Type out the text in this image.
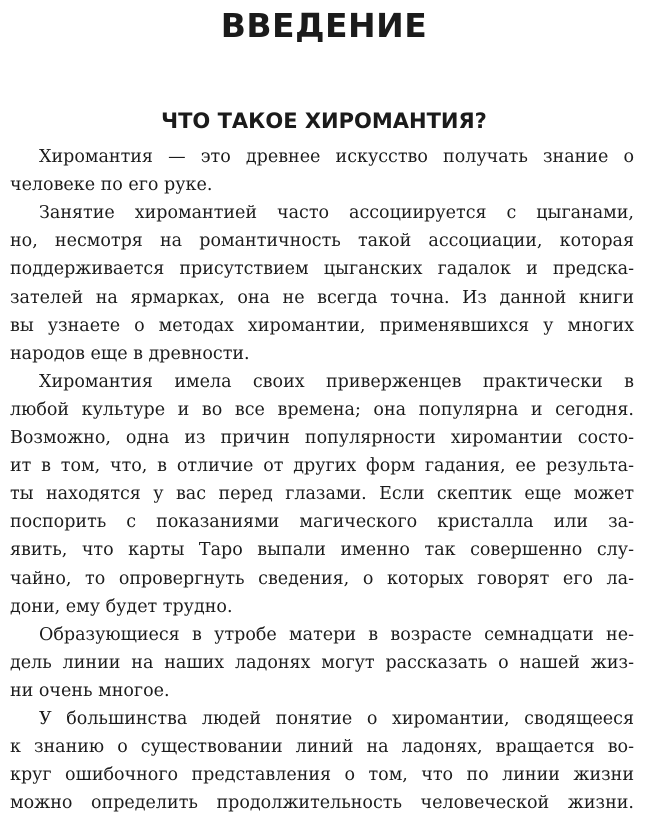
ВВЕДЕНИЕ
ЧТО ТАКОЕ ХИРОМАНТИЯ?
Хиромантия — это древнее искусство получать знание о
человеке по его руке.
Занятие хиромантией часто ассоциируется с цыганами,
но, несмотря на романтичность такой ассоциации, которая
поддерживается присутствием цыганских гадалок и предска-
зателей на ярмарках, она не всегда точна. Из данной книги
вы узнаете о методах хиромантии, применявшихся у многих
народов еще в древности.
Хиромантия имела своих приверженцев практически в
любой культуре и во все времена; она популярна и сегодня.
Возможно, одна из причин популярности хиромантии состо-
ит в том, что, в отличие от других форм гадания, ее результа-
ты находятся у вас перед глазами. Если скептик еще может
поспорить с показаниями магического кристалла или за-
явить, что карты Таро выпали именно так совершенно слу-
чайно, то опровергнуть сведения, о которых говорят его ла-
дони, ему будет трудно.
Образующиеся в утробе матери в возрасте семнадцати не-
дель линии на наших ладонях могут рассказать о нашей жиз-
ни очень многое.
У большинства людей понятие о хиромантии, сводящееся
к знанию о существовании линий на ладонях, вращается во-
круг ошибочного представления о том, что по линии жизни
можно определить продолжительность человеческой жизни.
